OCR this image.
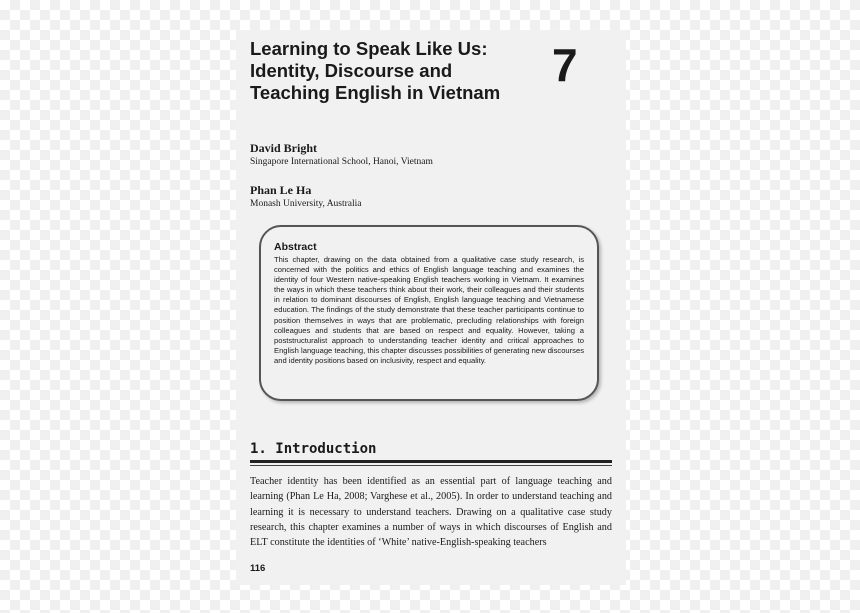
Learning to Speak Like Us: Identity, Discourse and Teaching English in Vietnam
7
David Bright
Singapore International School, Hanoi, Vietnam
Phan Le Ha
Monash University, Australia
Abstract

This chapter, drawing on the data obtained from a qualitative case study research, is concerned with the politics and ethics of English language teaching and examines the identity of four Western native-speaking English teachers working in Vietnam. It examines the ways in which these teachers think about their work, their colleagues and their students in relation to dominant discourses of English, English language teaching and Vietnamese education. The findings of the study demonstrate that these teacher participants continue to position themselves in ways that are problematic, precluding relationships with foreign colleagues and students that are based on respect and equality. However, taking a poststructuralist approach to understanding teacher identity and critical approaches to English language teaching, this chapter discusses possibilities of generating new discourses and identity positions based on inclusivity, respect and equality.

1. Introduction

Teacher identity has been identified as an essential part of language teaching and learning (Phan Le Ha, 2008; Varghese et al., 2005). In order to understand teaching and learning it is necessary to understand teachers. Drawing on a qualitative case study research, this chapter examines a number of ways in which discourses of English and ELT constitute the identities of ‘White’ native-English-speaking teachers

116
